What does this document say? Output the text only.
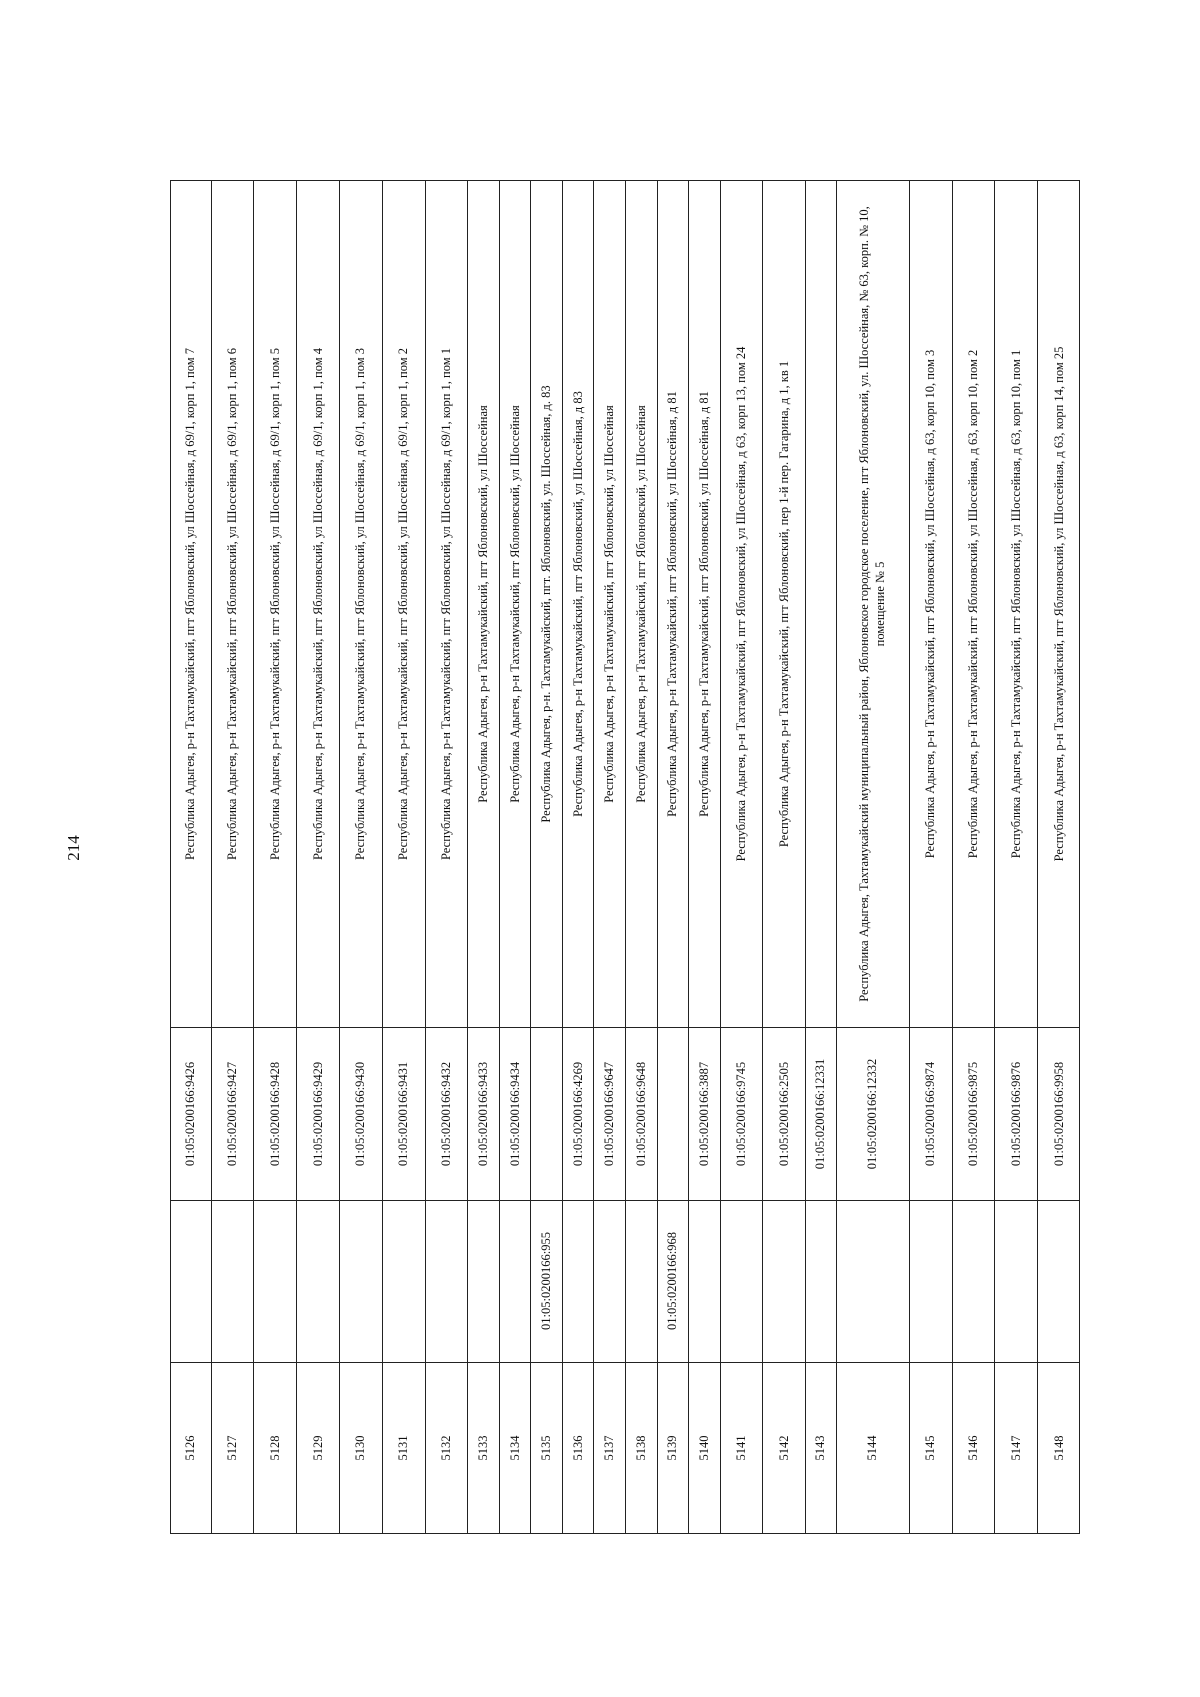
214	Республика Адыгея, р-н Тахтамукайский, пгт Яблоновский, ул Шоссейная, д 69/1, корп 1, пом 7
01:05:0200166:9426
5126
Республика Адыгея, р-н Тахтамукайский, пгт Яблоновский, ул Шоссейная, д 69/1, корп 1, пом 6
01:05:0200166:9427
5127
Республика Адыгея, р-н Тахтамукайский, пгт Яблоновский, ул Шоссейная, д 69/1, корп 1, пом 5
01:05:0200166:9428
5128
Республика Адыгея, р-н Тахтамукайский, пгт Яблоновский, ул Шоссейная, д 69/1, корп 1, пом 4
01:05:0200166:9429
5129
Республика Адыгея, р-н Тахтамукайский, пгт Яблоновский, ул Шоссейная, д 69/1, корп 1, пом 3
01:05:0200166:9430
5130
Республика Адыгея, р-н Тахтамукайский, пгт Яблоновский, ул Шоссейная, д 69/1, корп 1, пом 2
01:05:0200166:9431
5131
Республика Адыгея, р-н Тахтамукайский, пгт Яблоновский, ул Шоссейная, д 69/1, корп 1, пом 1
01:05:0200166:9432
5132
Республика Адыгея, р-н Тахтамукайский, пгт Яблоновский, ул Шоссейная
01:05:0200166:9433
5133
Республика Адыгея, р-н Тахтамукайский, пгт Яблоновский, ул Шоссейная
01:05:0200166:9434
5134
Республика Адыгея, р-н. Тахтамукайский, пгт. Яблоновский, ул. Шоссейная, д. 83
01:05:0200166:955
5135
Республика Адыгея, р-н Тахтамукайский, пгт Яблоновский, ул Шоссейная, д 83
01:05:0200166:4269
5136
Республика Адыгея, р-н Тахтамукайский, пгт Яблоновский, ул Шоссейная
01:05:0200166:9647
5137
Республика Адыгея, р-н Тахтамукайский, пгт Яблоновский, ул Шоссейная
01:05:0200166:9648
5138
Республика Адыгея, р-н Тахтамукайский, пгт Яблоновский, ул Шоссейная, д 81
01:05:0200166:968
5139
Республика Адыгея, р-н Тахтамукайский, пгт Яблоновский, ул Шоссейная, д 81
01:05:0200166:3887
5140
Республика Адыгея, р-н Тахтамукайский, пгт Яблоновский, ул Шоссейная, д 63, корп 13, пом 24
01:05:0200166:9745
5141
Республика Адыгея, р-н Тахтамукайский, пгт Яблоновский, пер 1-й пер. Гагарина, д 1, кв 1
01:05:0200166:2505
5142
01:05:0200166:12331
5143
Республика Адыгея, Тахтамукайский муниципальный район, Яблоновское городское поселение, пгт Яблоновский, ул. Шоссейная, № 63, корп. № 10, помещение № 5
01:05:0200166:12332
5144
Республика Адыгея, р-н Тахтамукайский, пгт Яблоновский, ул Шоссейная, д 63, корп 10, пом 3
01:05:0200166:9874
5145
Республика Адыгея, р-н Тахтамукайский, пгт Яблоновский, ул Шоссейная, д 63, корп 10, пом 2
01:05:0200166:9875
5146
Республика Адыгея, р-н Тахтамукайский, пгт Яблоновский, ул Шоссейная, д 63, корп 10, пом 1
01:05:0200166:9876
5147
Республика Адыгея, р-н Тахтамукайский, пгт Яблоновский, ул Шоссейная, д 63, корп 14, пом 25
01:05:0200166:9958
5148
